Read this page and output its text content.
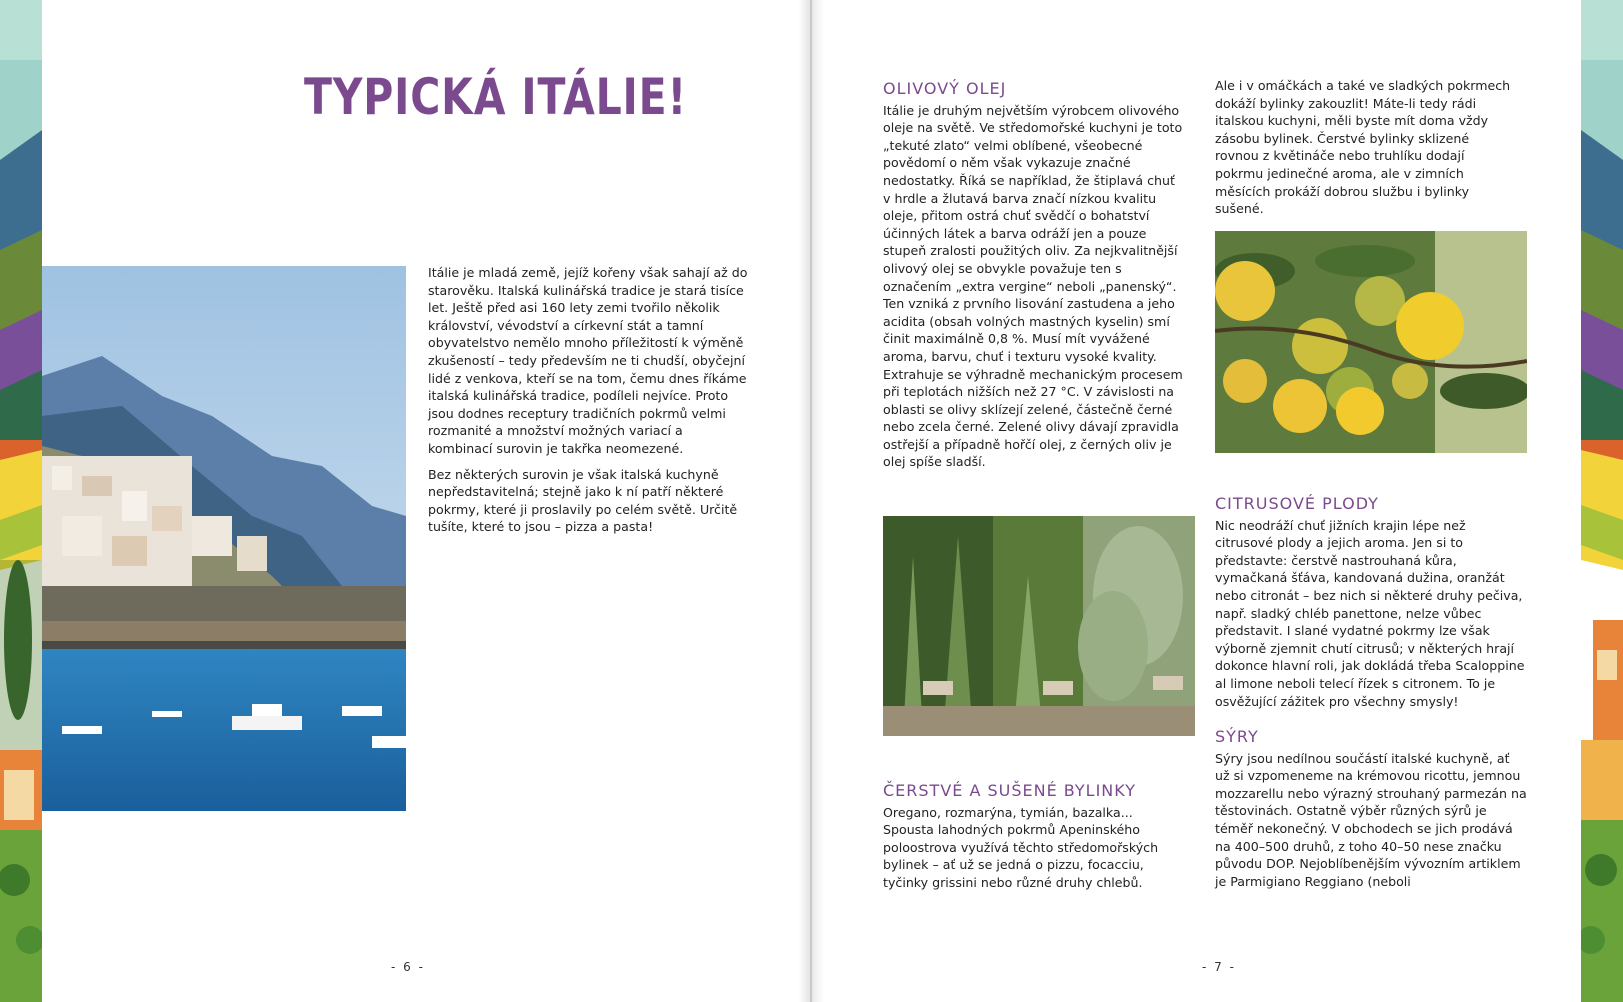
TYPICKÁ ITÁLIE!

Itálie je mladá země, jejíž kořeny však sahají až do starověku. Italská kulinářská tradice je stará tisíce let. Ještě před asi 160 lety zemi tvořilo několik království, vévodství a církevní stát a tamní obyvatelstvo nemělo mnoho příležitostí k výměně zkušeností – tedy především ne ti chudší, obyčejní lidé z venkova, kteří se na tom, čemu dnes říkáme italská kulinářská tradice, podíleli nejvíce. Proto jsou dodnes receptury tradičních pokrmů velmi rozmanité a množství možných variací a kombinací surovin je takřka neomezené.

Bez některých surovin je však italská kuchyně nepředstavitelná; stejně jako k ní patří některé pokrmy, které ji proslavily po celém světě. Určitě tušíte, které to jsou – pizza a pasta!

- 6 -
OLIVOVÝ OLEJ

Itálie je druhým největším výrobcem olivového oleje na světě. Ve středomořské kuchyni je toto „tekuté zlato“ velmi oblíbené, všeobecné povědomí o něm však vykazuje značné nedostatky. Říká se například, že štiplavá chuť v hrdle a žlutavá barva značí nízkou kvalitu oleje, přitom ostrá chuť svědčí o bohatství účinných látek a barva odráží jen a pouze stupeň zralosti použitých oliv. Za nejkvalitnější olivový olej se obvykle považuje ten s označením „extra vergine“ neboli „panenský“. Ten vzniká z prvního lisování zastudena a jeho acidita (obsah volných mastných kyselin) smí činit maximálně 0,8 %. Musí mít vyvážené aroma, barvu, chuť i texturu vysoké kvality. Extrahuje se výhradně mechanickým procesem při teplotách nižších než 27 °C. V závislosti na oblasti se olivy sklízejí zelené, částečně černé nebo zcela černé. Zelené olivy dávají zpravidla ostřejší a případně hořčí olej, z černých oliv je olej spíše sladší.

ČERSTVÉ A SUŠENÉ BYLINKY

Oregano, rozmarýna, tymián, bazalka... Spousta lahodných pokrmů Apeninského poloostrova využívá těchto středomořských bylinek – ať už se jedná o pizzu, focacciu, tyčinky grissini nebo různé druhy chlebů.

Ale i v omáčkách a také ve sladkých pokrmech dokáží bylinky zakouzlit! Máte-li tedy rádi italskou kuchyni, měli byste mít doma vždy zásobu bylinek. Čerstvé bylinky sklizené rovnou z květináče nebo truhlíku dodají pokrmu jedinečné aroma, ale v zimních měsících prokáží dobrou službu i bylinky sušené.

CITRUSOVÉ PLODY

Nic neodráží chuť jižních krajin lépe než citrusové plody a jejich aroma. Jen si to představte: čerstvě nastrouhaná kůra, vymačkaná šťáva, kandovaná dužina, oranžát nebo citronát – bez nich si některé druhy pečiva, např. sladký chléb panettone, nelze vůbec představit. I slané vydatné pokrmy lze však výborně zjemnit chutí citrusů; v některých hrají dokonce hlavní roli, jak dokládá třeba Scaloppine al limone neboli telecí řízek s citronem. To je osvěžující zážitek pro všechny smysly!

SÝRY

Sýry jsou nedílnou součástí italské kuchyně, ať už si vzpomeneme na krémovou ricottu, jemnou mozzarellu nebo výrazný strouhaný parmezán na těstovinách. Ostatně výběr různých sýrů je téměř nekonečný. V obchodech se jich prodává na 400–500 druhů, z toho 40–50 nese značku původu DOP. Nejoblíbenějším vývozním artiklem je Parmigiano Reggiano (neboli

- 7 -
